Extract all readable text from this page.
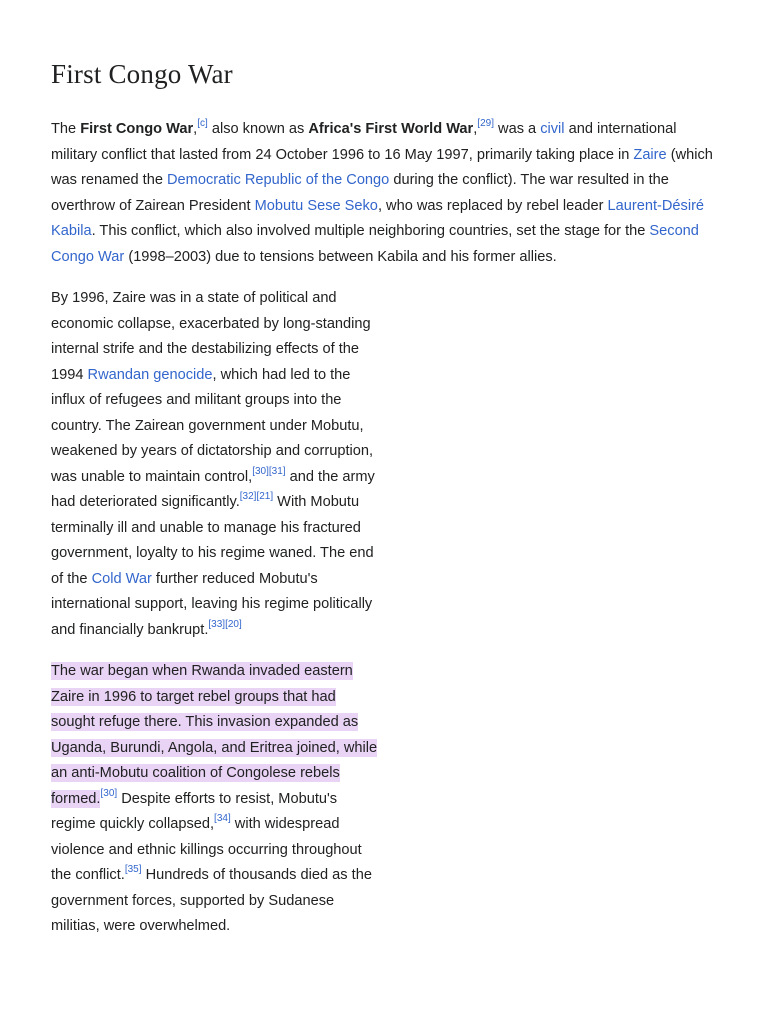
First Congo War

The First Congo War,[c] also known as Africa's First World War,[29] was a civil and international military conflict that lasted from 24 October 1996 to 16 May 1997, primarily taking place in Zaire (which was renamed the Democratic Republic of the Congo during the conflict). The war resulted in the overthrow of Zairean President Mobutu Sese Seko, who was replaced by rebel leader Laurent-Désiré Kabila. This conflict, which also involved multiple neighboring countries, set the stage for the Second Congo War (1998–2003) due to tensions between Kabila and his former allies.

By 1996, Zaire was in a state of political and economic collapse, exacerbated by long-standing internal strife and the destabilizing effects of the 1994 Rwandan genocide, which had led to the influx of refugees and militant groups into the country. The Zairean government under Mobutu, weakened by years of dictatorship and corruption, was unable to maintain control,[30][31] and the army had deteriorated significantly.[32][21] With Mobutu terminally ill and unable to manage his fractured government, loyalty to his regime waned. The end of the Cold War further reduced Mobutu's international support, leaving his regime politically and financially bankrupt.[33][20]

The war began when Rwanda invaded eastern Zaire in 1996 to target rebel groups that had sought refuge there. This invasion expanded as Uganda, Burundi, Angola, and Eritrea joined, while an anti-Mobutu coalition of Congolese rebels formed.[30] Despite efforts to resist, Mobutu's regime quickly collapsed,[34] with widespread violence and ethnic killings occurring throughout the conflict.[35] Hundreds of thousands died as the government forces, supported by Sudanese militias, were overwhelmed.
